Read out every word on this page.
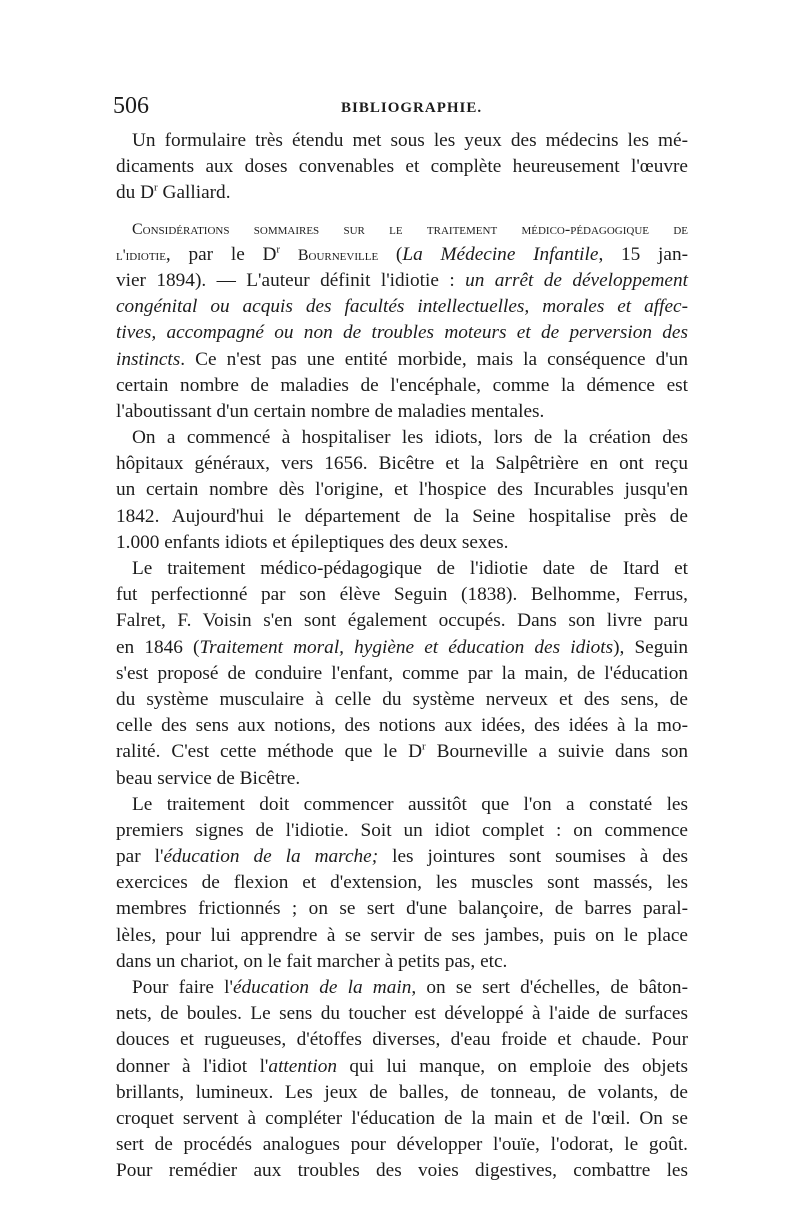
506	BIBLIOGRAPHIE.
Un formulaire très étendu met sous les yeux des médecins les mé-
dicaments aux doses convenables et complète heureusement l'œuvre
du $D^r$ Galliard.
Considérations sommaires sur le traitement médico-pédagogique de
l'idiotie, par le $D^r$ Bourneville (La Médecine Infantile, 15 jan-
vier 1894). — L'auteur définit l'idiotie : un arrêt de développement
congénital ou acquis des facultés intellectuelles, morales et affec-
tives, accompagné ou non de troubles moteurs et de perversion des
instincts. Ce n'est pas une entité morbide, mais la conséquence d'un
certain nombre de maladies de l'encéphale, comme la démence est
l'aboutissant d'un certain nombre de maladies mentales.
On a commencé à hospitaliser les idiots, lors de la création des
hôpitaux généraux, vers 1656. Bicêtre et la Salpêtrière en ont reçu
un certain nombre dès l'origine, et l'hospice des Incurables jusqu'en
1842. Aujourd'hui le département de la Seine hospitalise près de
1.000 enfants idiots et épileptiques des deux sexes.
Le traitement médico-pédagogique de l'idiotie date de Itard et
fut perfectionné par son élève Seguin (1838). Belhomme, Ferrus,
Falret, F. Voisin s'en sont également occupés. Dans son livre paru
en 1846 (Traitement moral, hygiène et éducation des idiots), Seguin
s'est proposé de conduire l'enfant, comme par la main, de l'éducation
du système musculaire à celle du système nerveux et des sens, de
celle des sens aux notions, des notions aux idées, des idées à la mo-
ralité. C'est cette méthode que le $D^r$ Bourneville a suivie dans son
beau service de Bicêtre.
Le traitement doit commencer aussitôt que l'on a constaté les
premiers signes de l'idiotie. Soit un idiot complet : on commence
par l'éducation de la marche; les jointures sont soumises à des
exercices de flexion et d'extension, les muscles sont massés, les
membres frictionnés ; on se sert d'une balançoire, de barres paral-
lèles, pour lui apprendre à se servir de ses jambes, puis on le place
dans un chariot, on le fait marcher à petits pas, etc.
Pour faire l'éducation de la main, on se sert d'échelles, de bâton-
nets, de boules. Le sens du toucher est développé à l'aide de surfaces
douces et rugueuses, d'étoffes diverses, d'eau froide et chaude. Pour
donner à l'idiot l'attention qui lui manque, on emploie des objets
brillants, lumineux. Les jeux de balles, de tonneau, de volants, de
croquet servent à compléter l'éducation de la main et de l'œil. On se
sert de procédés analogues pour développer l'ouïe, l'odorat, le goût.
Pour remédier aux troubles des voies digestives, combattre les
